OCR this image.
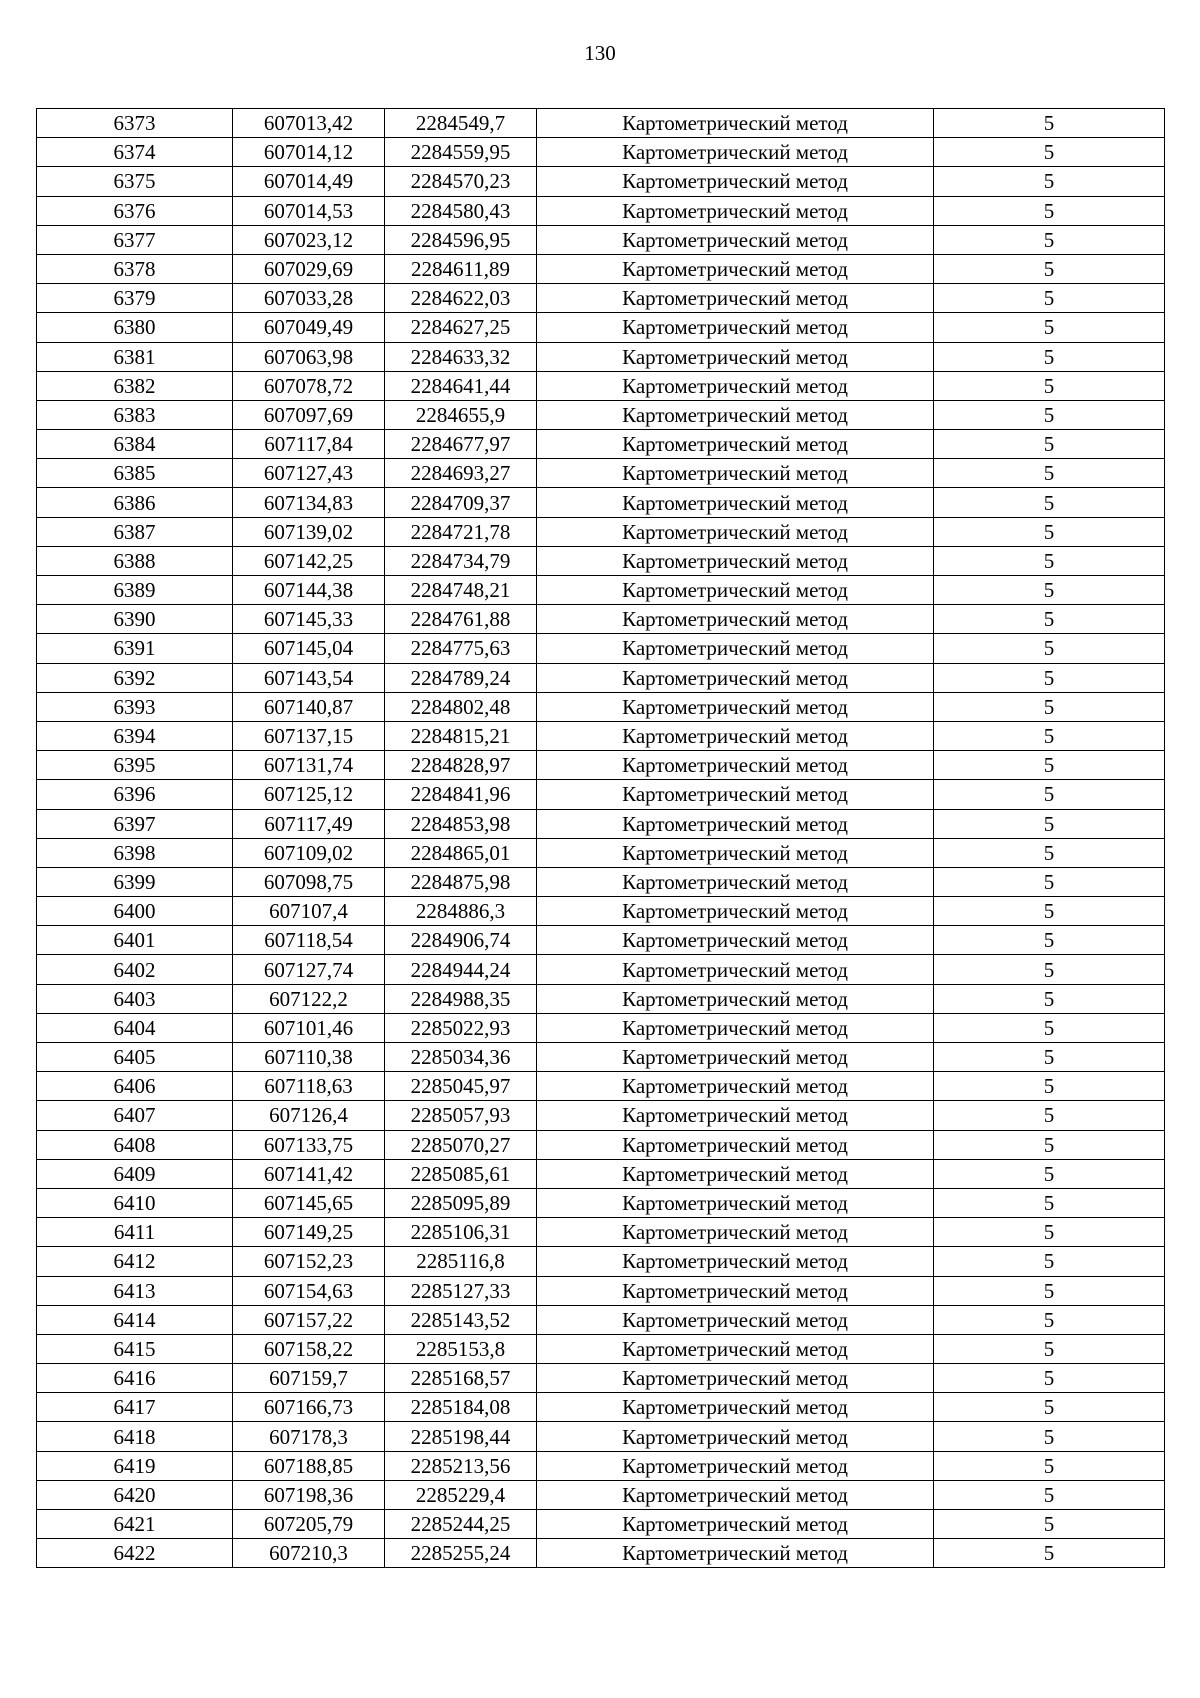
130
6373	607013,42	2284549,7	Картометрический метод	5
6374	607014,12	2284559,95	Картометрический метод	5
6375	607014,49	2284570,23	Картометрический метод	5
6376	607014,53	2284580,43	Картометрический метод	5
6377	607023,12	2284596,95	Картометрический метод	5
6378	607029,69	2284611,89	Картометрический метод	5
6379	607033,28	2284622,03	Картометрический метод	5
6380	607049,49	2284627,25	Картометрический метод	5
6381	607063,98	2284633,32	Картометрический метод	5
6382	607078,72	2284641,44	Картометрический метод	5
6383	607097,69	2284655,9	Картометрический метод	5
6384	607117,84	2284677,97	Картометрический метод	5
6385	607127,43	2284693,27	Картометрический метод	5
6386	607134,83	2284709,37	Картометрический метод	5
6387	607139,02	2284721,78	Картометрический метод	5
6388	607142,25	2284734,79	Картометрический метод	5
6389	607144,38	2284748,21	Картометрический метод	5
6390	607145,33	2284761,88	Картометрический метод	5
6391	607145,04	2284775,63	Картометрический метод	5
6392	607143,54	2284789,24	Картометрический метод	5
6393	607140,87	2284802,48	Картометрический метод	5
6394	607137,15	2284815,21	Картометрический метод	5
6395	607131,74	2284828,97	Картометрический метод	5
6396	607125,12	2284841,96	Картометрический метод	5
6397	607117,49	2284853,98	Картометрический метод	5
6398	607109,02	2284865,01	Картометрический метод	5
6399	607098,75	2284875,98	Картометрический метод	5
6400	607107,4	2284886,3	Картометрический метод	5
6401	607118,54	2284906,74	Картометрический метод	5
6402	607127,74	2284944,24	Картометрический метод	5
6403	607122,2	2284988,35	Картометрический метод	5
6404	607101,46	2285022,93	Картометрический метод	5
6405	607110,38	2285034,36	Картометрический метод	5
6406	607118,63	2285045,97	Картометрический метод	5
6407	607126,4	2285057,93	Картометрический метод	5
6408	607133,75	2285070,27	Картометрический метод	5
6409	607141,42	2285085,61	Картометрический метод	5
6410	607145,65	2285095,89	Картометрический метод	5
6411	607149,25	2285106,31	Картометрический метод	5
6412	607152,23	2285116,8	Картометрический метод	5
6413	607154,63	2285127,33	Картометрический метод	5
6414	607157,22	2285143,52	Картометрический метод	5
6415	607158,22	2285153,8	Картометрический метод	5
6416	607159,7	2285168,57	Картометрический метод	5
6417	607166,73	2285184,08	Картометрический метод	5
6418	607178,3	2285198,44	Картометрический метод	5
6419	607188,85	2285213,56	Картометрический метод	5
6420	607198,36	2285229,4	Картометрический метод	5
6421	607205,79	2285244,25	Картометрический метод	5
6422	607210,3	2285255,24	Картометрический метод	5
